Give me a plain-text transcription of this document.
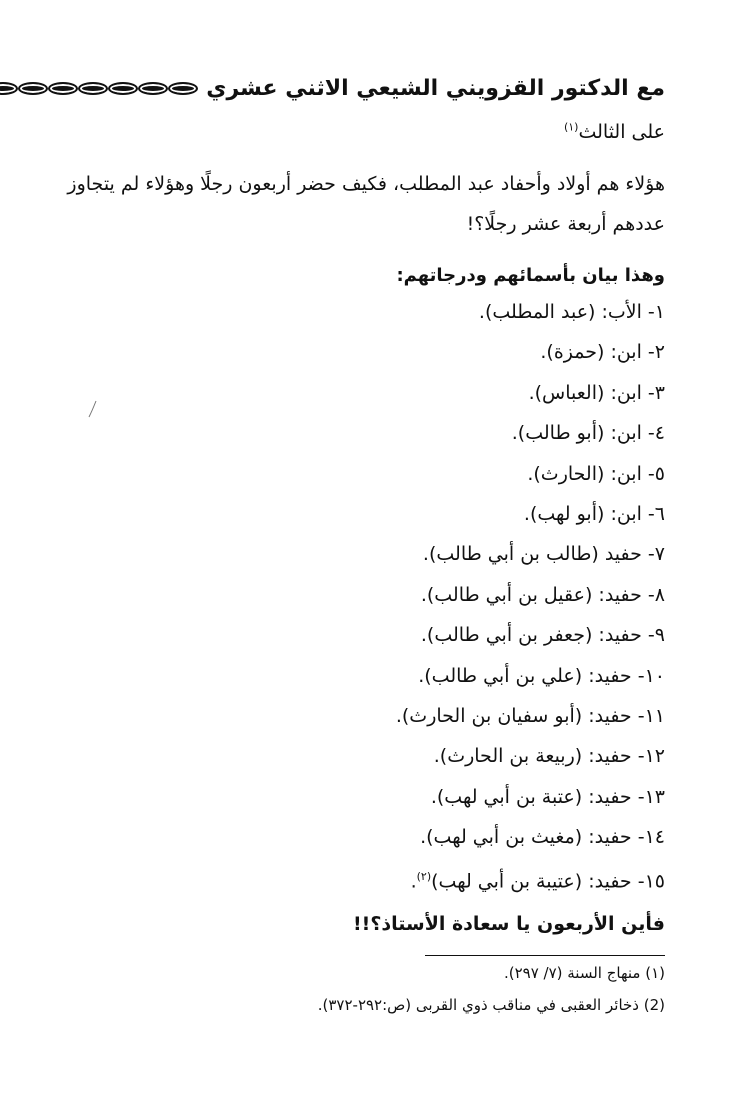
مع الدكتور القزويني الشيعي الاثني عشري
على الثالث$^{(١)}$
هؤلاء هم أولاد وأحفاد عبد المطلب، فكيف حضر أربعون رجلًا وهؤلاء لم يتجاوز
عددهم أربعة عشر رجلًا؟!
وهذا بيان بأسمائهم ودرجاتهم:
١- الأب: (عبد المطلب).
٢- ابن: (حمزة).
٣- ابن: (العباس).
٤- ابن: (أبو طالب).
٥- ابن: (الحارث).
٦- ابن: (أبو لهب).
٧- حفيد (طالب بن أبي طالب).
٨- حفيد: (عقيل بن أبي طالب).
٩- حفيد: (جعفر بن أبي طالب).
١٠- حفيد: (علي بن أبي طالب).
١١- حفيد: (أبو سفيان بن الحارث).
١٢- حفيد: (ربيعة بن الحارث).
١٣- حفيد: (عتبة بن أبي لهب).
١٤- حفيد: (مغيث بن أبي لهب).
١٥- حفيد: (عتيبة بن أبي لهب)$^{(٢)}$.
فأين الأربعون يا سعادة الأستاذ؟!!
(١) منهاج السنة (٧/ ٢٩٧).
(2) ذخائر العقبى في مناقب ذوي القربى (ص:٢٩٢-٣٧٢).
